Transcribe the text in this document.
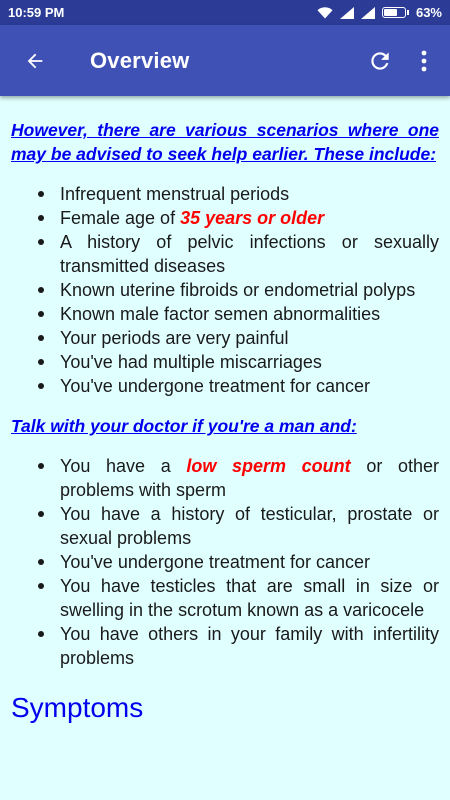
10:59 PM	63%
Overview
However, there are various scenarios where one may be advised to seek help earlier. These include:
Infrequent menstrual periods
Female age of 35 years or older
A history of pelvic infections or sexually transmitted diseases
Known uterine fibroids or endometrial polyps
Known male factor semen abnormalities
Your periods are very painful
You've had multiple miscarriages
You've undergone treatment for cancer
Talk with your doctor if you're a man and:
You have a low sperm count or other problems with sperm
You have a history of testicular, prostate or sexual problems
You've undergone treatment for cancer
You have testicles that are small in size or swelling in the scrotum known as a varicocele
You have others in your family with infertility problems
Symptoms
